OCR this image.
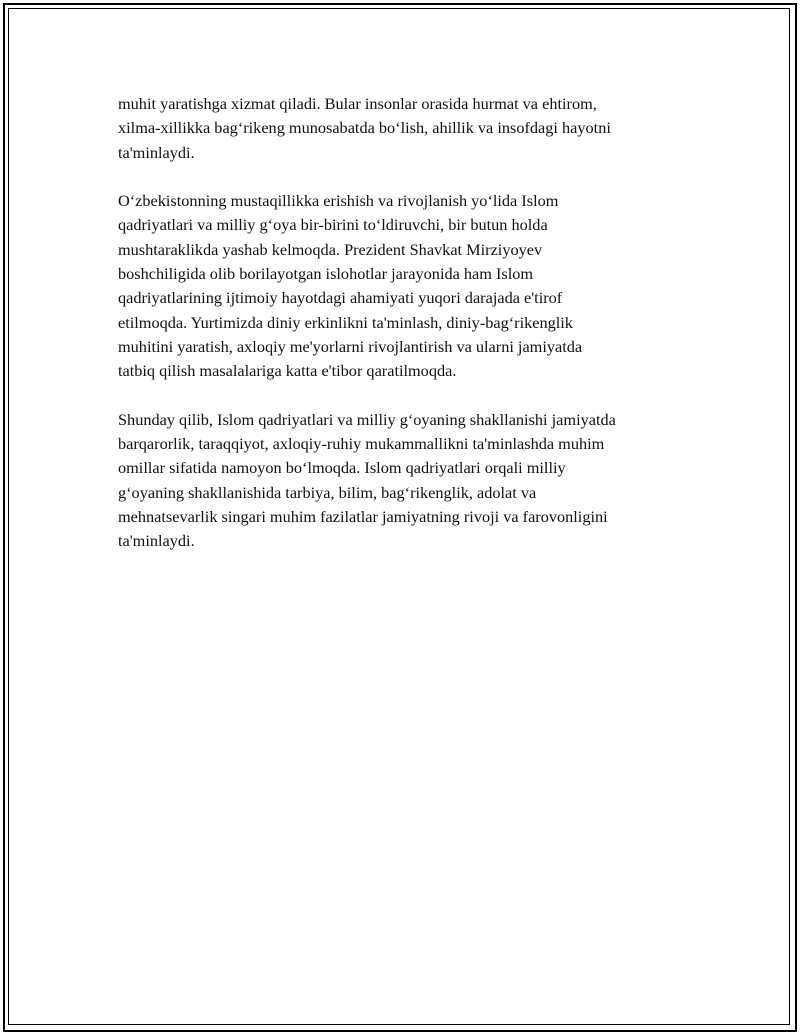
muhit yaratishga xizmat qiladi. Bular insonlar orasida hurmat va ehtirom,
xilma-xillikka bag‘rikeng munosabatda bo‘lish, ahillik va insofdagi hayotni
ta'minlaydi.

O‘zbekistonning mustaqillikka erishish va rivojlanish yo‘lida Islom
qadriyatlari va milliy g‘oya bir-birini to‘ldiruvchi, bir butun holda
mushtaraklikda yashab kelmoqda. Prezident Shavkat Mirziyoyev
boshchiligida olib borilayotgan islohotlar jarayonida ham Islom
qadriyatlarining ijtimoiy hayotdagi ahamiyati yuqori darajada e'tirof
etilmoqda. Yurtimizda diniy erkinlikni ta'minlash, diniy-bag‘rikenglik
muhitini yaratish, axloqiy me'yorlarni rivojlantirish va ularni jamiyatda
tatbiq qilish masalalariga katta e'tibor qaratilmoqda.

Shunday qilib, Islom qadriyatlari va milliy g‘oyaning shakllanishi jamiyatda
barqarorlik, taraqqiyot, axloqiy-ruhiy mukammallikni ta'minlashda muhim
omillar sifatida namoyon bo‘lmoqda. Islom qadriyatlari orqali milliy
g‘oyaning shakllanishida tarbiya, bilim, bag‘rikenglik, adolat va
mehnatsevarlik singari muhim fazilatlar jamiyatning rivoji va farovonligini
ta'minlaydi.
